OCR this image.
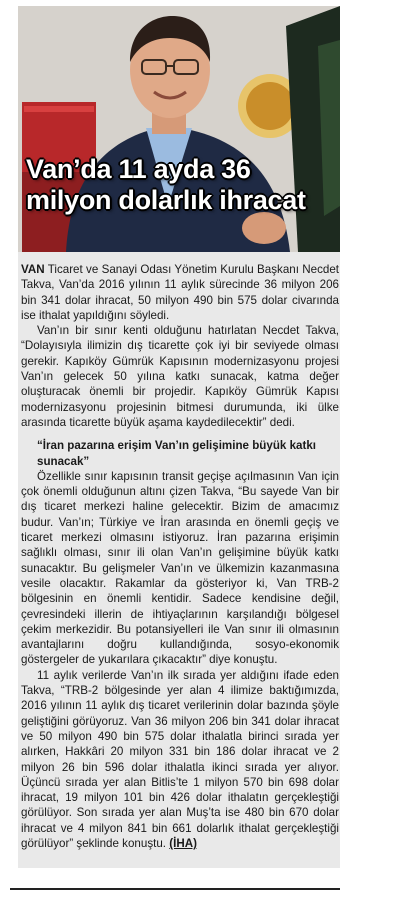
Van’da 11 ayda 36 milyon dolarlık ihracat

VAN Ticaret ve Sanayi Odası Yönetim Kurulu Başkanı Necdet Takva, Van’da 2016 yılının 11 aylık sürecinde 36 milyon 206 bin 341 dolar ihracat, 50 milyon 490 bin 575 dolar civarında ise ithalat yapıldığını söyledi.

Van’ın bir sınır kenti olduğunu hatırlatan Necdet Takva, “Dolayısıyla ilimizin dış ticarette çok iyi bir seviyede olması gerekir. Kapıköy Gümrük Kapısının modernizasyonu projesi Van’ın gelecek 50 yılına katkı sunacak, katma değer oluşturacak önemli bir projedir. Kapıköy Gümrük Kapısı modernizasyonu projesinin bitmesi durumunda, iki ülke arasında ticarette büyük aşama kaydedilecektir” dedi.

“İran pazarına erişim Van’ın gelişimine büyük katkı sunacak”

Özellikle sınır kapısının transit geçişe açılmasının Van için çok önemli olduğunun altını çizen Takva, “Bu sayede Van bir dış ticaret merkezi haline gelecektir. Bizim de amacımız budur. Van’ın; Türkiye ve İran arasında en önemli geçiş ve ticaret merkezi olmasını istiyoruz. İran pazarına erişimin sağlıklı olması, sınır ili olan Van’ın gelişimine büyük katkı sunacaktır. Bu gelişmeler Van’ın ve ülkemizin kazanmasına vesile olacaktır. Rakamlar da gösteriyor ki, Van TRB-2 bölgesinin en önemli kentidir. Sadece kendisine değil, çevresindeki illerin de ihtiyaçlarının karşılandığı bölgesel çekim merkezidir. Bu potansiyelleri ile Van sınır ili olmasının avantajlarını doğru kullandığında, sosyo-ekonomik göstergeler de yukarılara çıkacaktır” diye konuştu.

11 aylık verilerde Van’ın ilk sırada yer aldığını ifade eden Takva, “TRB-2 bölgesinde yer alan 4 ilimize baktığımızda, 2016 yılının 11 aylık dış ticaret verilerinin dolar bazında şöyle geliştiğini görüyoruz. Van 36 milyon 206 bin 341 dolar ihracat ve 50 milyon 490 bin 575 dolar ithalatla birinci sırada yer alırken, Hakkâri 20 milyon 331 bin 186 dolar ihracat ve 2 milyon 26 bin 596 dolar ithalatla ikinci sırada yer alıyor. Üçüncü sırada yer alan Bitlis’te 1 milyon 570 bin 698 dolar ihracat, 19 milyon 101 bin 426 dolar ithalatın gerçekleştiği görülüyor. Son sırada yer alan Muş’ta ise 480 bin 670 dolar ihracat ve 4 milyon 841 bin 661 dolarlık ithalat gerçekleştiği görülüyor” şeklinde konuştu. (İHA)
